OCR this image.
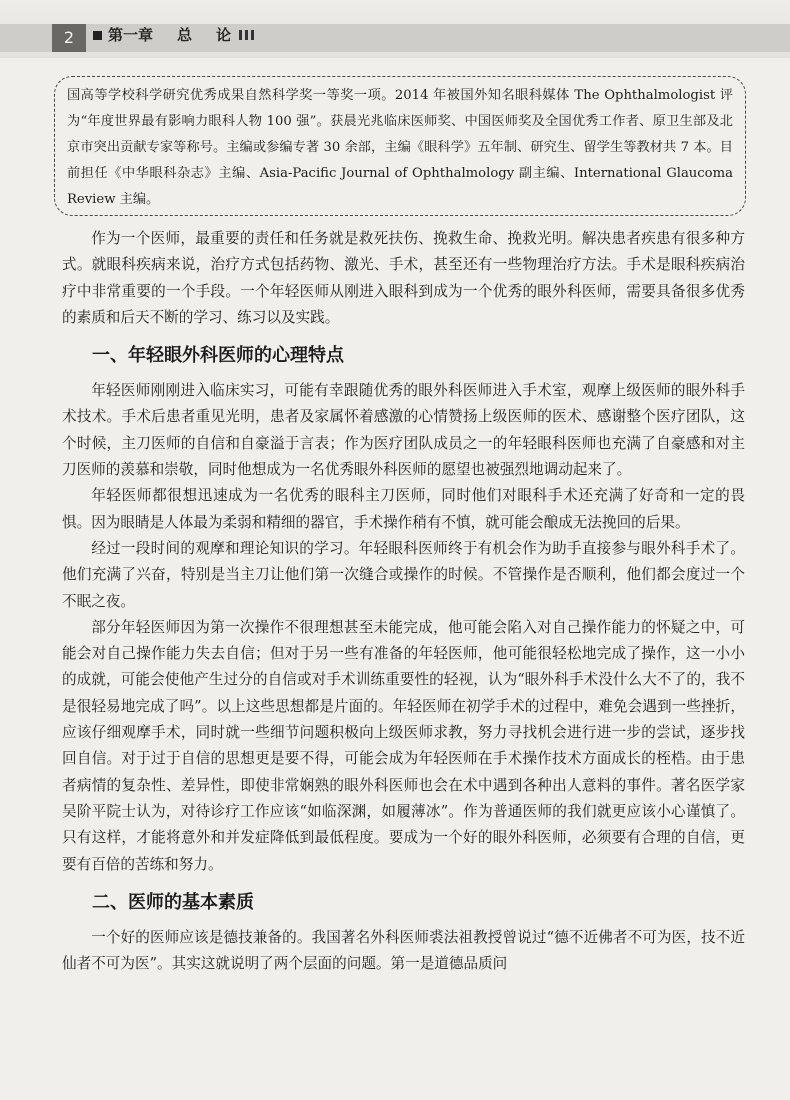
2	第一章 总 论

国高等学校科学研究优秀成果自然科学奖一等奖一项。2014 年被国外知名眼科媒体 The Ophthalmologist 评为“年度世界最有影响力眼科人物 100 强”。获晨光兆临床医师奖、中国医师奖及全国优秀工作者、原卫生部及北京市突出贡献专家等称号。主编或参编专著 30 余部，主编《眼科学》五年制、研究生、留学生等教材共 7 本。目前担任《中华眼科杂志》主编、Asia-Pacific Journal of Ophthalmology 副主编、International Glaucoma Review 主编。

作为一个医师，最重要的责任和任务就是救死扶伤、挽救生命、挽救光明。解决患者疾患有很多种方式。就眼科疾病来说，治疗方式包括药物、激光、手术，甚至还有一些物理治疗方法。手术是眼科疾病治疗中非常重要的一个手段。一个年轻医师从刚进入眼科到成为一个优秀的眼外科医师，需要具备很多优秀的素质和后天不断的学习、练习以及实践。

一、年轻眼外科医师的心理特点

年轻医师刚刚进入临床实习，可能有幸跟随优秀的眼外科医师进入手术室，观摩上级医师的眼外科手术技术。手术后患者重见光明，患者及家属怀着感激的心情赞扬上级医师的医术、感谢整个医疗团队，这个时候，主刀医师的自信和自豪溢于言表；作为医疗团队成员之一的年轻眼科医师也充满了自豪感和对主刀医师的羡慕和崇敬，同时他想成为一名优秀眼外科医师的愿望也被强烈地调动起来了。

年轻医师都很想迅速成为一名优秀的眼科主刀医师，同时他们对眼科手术还充满了好奇和一定的畏惧。因为眼睛是人体最为柔弱和精细的器官，手术操作稍有不慎，就可能会酿成无法挽回的后果。

经过一段时间的观摩和理论知识的学习。年轻眼科医师终于有机会作为助手直接参与眼外科手术了。他们充满了兴奋，特别是当主刀让他们第一次缝合或操作的时候。不管操作是否顺利，他们都会度过一个不眠之夜。

部分年轻医师因为第一次操作不很理想甚至未能完成，他可能会陷入对自己操作能力的怀疑之中，可能会对自己操作能力失去自信；但对于另一些有准备的年轻医师，他可能很轻松地完成了操作，这一小小的成就，可能会使他产生过分的自信或对手术训练重要性的轻视，认为“眼外科手术没什么大不了的，我不是很轻易地完成了吗”。以上这些思想都是片面的。年轻医师在初学手术的过程中，难免会遇到一些挫折，应该仔细观摩手术，同时就一些细节问题积极向上级医师求教，努力寻找机会进行进一步的尝试，逐步找回自信。对于过于自信的思想更是要不得，可能会成为年轻医师在手术操作技术方面成长的桎梏。由于患者病情的复杂性、差异性，即使非常娴熟的眼外科医师也会在术中遇到各种出人意料的事件。著名医学家吴阶平院士认为，对待诊疗工作应该“如临深渊，如履薄冰”。作为普通医师的我们就更应该小心谨慎了。只有这样，才能将意外和并发症降低到最低程度。要成为一个好的眼外科医师，必须要有合理的自信，更要有百倍的苦练和努力。

二、医师的基本素质

一个好的医师应该是德技兼备的。我国著名外科医师裘法祖教授曾说过“德不近佛者不可为医，技不近仙者不可为医”。其实这就说明了两个层面的问题。第一是道德品质问
